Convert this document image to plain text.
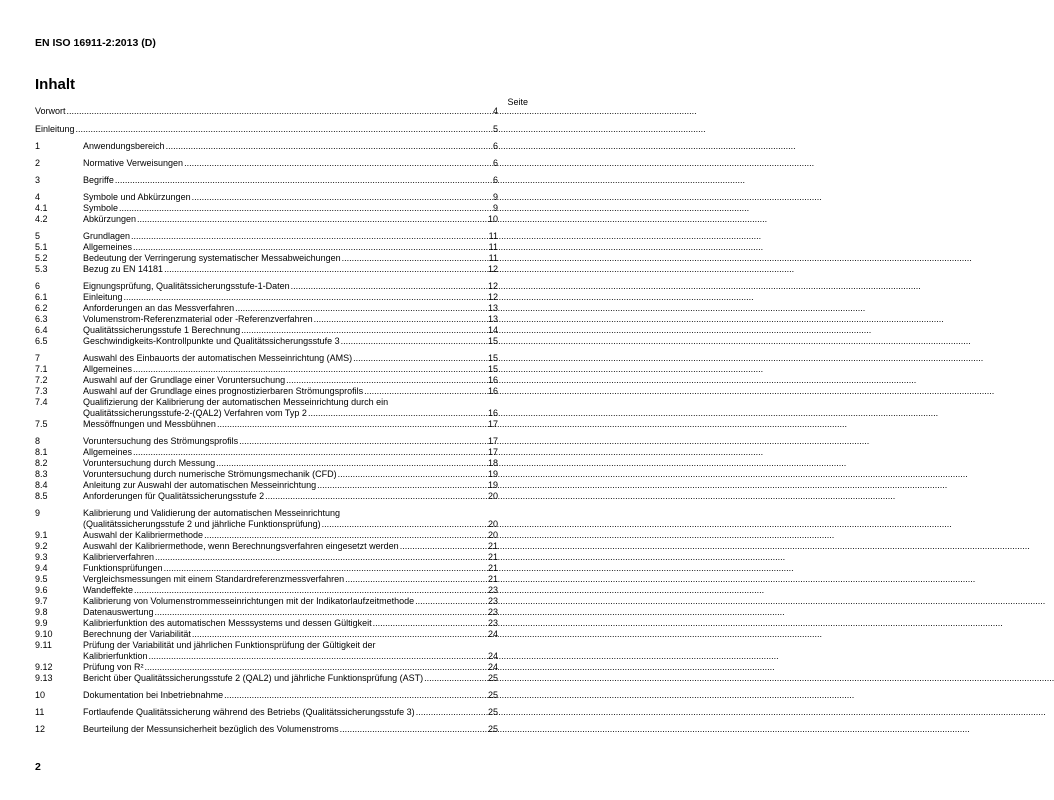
EN ISO 16911-2:2013 (D)
Inhalt
Seite
Vorwort .....	4
Einleitung .....	5
1	Anwendungsbereich .....	6
2	Normative Verweisungen .....	6
3	Begriffe .....	6
4	Symbole und Abkürzungen .....	9
4.1	Symbole .....	9
4.2	Abkürzungen .....	10
5	Grundlagen .....	11
5.1	Allgemeines .....	11
5.2	Bedeutung der Verringerung systematischer Messabweichungen .....	11
5.3	Bezug zu EN 14181 .....	12
6	Eignungsprüfung, Qualitätssicherungsstufe-1-Daten .....	12
6.1	Einleitung .....	12
6.2	Anforderungen an das Messverfahren .....	13
6.3	Volumenstrom-Referenzmaterial oder -Referenzverfahren .....	13
6.4	Qualitätssicherungsstufe 1 Berechnung .....	14
6.5	Geschwindigkeits-Kontrollpunkte und Qualitätssicherungsstufe 3 .....	15
7	Auswahl des Einbauorts der automatischen Messeinrichtung (AMS) .....	15
7.1	Allgemeines .....	15
7.2	Auswahl auf der Grundlage einer Voruntersuchung .....	16
7.3	Auswahl auf der Grundlage eines prognostizierbaren Strömungsprofils .....	16
7.4	Qualifizierung der Kalibrierung der automatischen Messeinrichtung durch ein
Qualitätssicherungsstufe-2-(QAL2) Verfahren vom Typ 2 .....	16
7.5	Messöffnungen und Messbühnen .....	17
8	Voruntersuchung des Strömungsprofils .....	17
8.1	Allgemeines .....	17
8.2	Voruntersuchung durch Messung .....	18
8.3	Voruntersuchung durch numerische Strömungsmechanik (CFD) .....	19
8.4	Anleitung zur Auswahl der automatischen Messeinrichtung .....	19
8.5	Anforderungen für Qualitätssicherungsstufe 2 .....	20
9	Kalibrierung und Validierung der automatischen Messeinrichtung
(Qualitätssicherungsstufe 2 und jährliche Funktionsprüfung) .....	20
9.1	Auswahl der Kalibriermethode .....	20
9.2	Auswahl der Kalibriermethode, wenn Berechnungsverfahren eingesetzt werden .....	21
9.3	Kalibrierverfahren .....	21
9.4	Funktionsprüfungen .....	21
9.5	Vergleichsmessungen mit einem Standardreferenzmessverfahren .....	21
9.6	Wandeffekte .....	23
9.7	Kalibrierung von Volumenstrommesseinrichtungen mit der Indikatorlaufzeitmethode .....	23
9.8	Datenauswertung .....	23
9.9	Kalibrierfunktion des automatischen Messsystems und dessen Gültigkeit .....	23
9.10	Berechnung der Variabilität .....	24
9.11	Prüfung der Variabilität und jährlichen Funktionsprüfung der Gültigkeit der
Kalibrierfunktion .....	24
9.12	Prüfung von R² .....	24
9.13	Bericht über Qualitätssicherungsstufe 2 (QAL2) und jährliche Funktionsprüfung (AST) .....	25
10	Dokumentation bei Inbetriebnahme .....	25
11	Fortlaufende Qualitätssicherung während des Betriebs (Qualitätssicherungsstufe 3) .....	25
12	Beurteilung der Messunsicherheit bezüglich des Volumenstroms .....	25
2
